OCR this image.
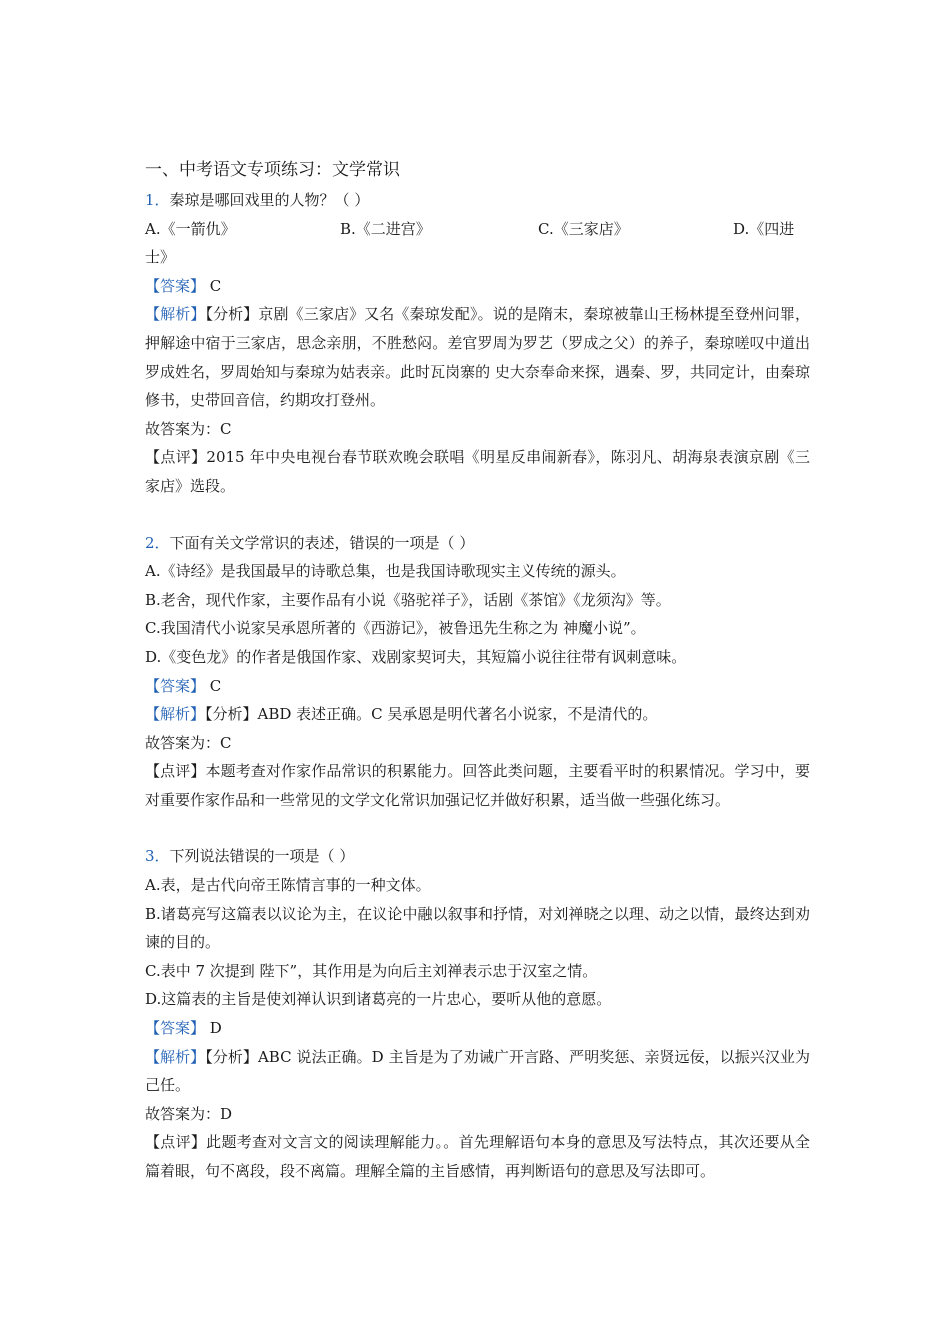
一、中考语文专项练习：文学常识
1．秦琼是哪回戏里的人物？（ ）
A.《一箭仇》	B.《二进宫》	C.《三家店》	D.《四进
士》
【答案】 C
【解析】【分析】京剧《三家店》又名《秦琼发配》。说的是隋末，秦琼被靠山王杨林提至登州问罪，押解途中宿于三家店，思念亲朋，不胜愁闷。差官罗周为罗艺（罗成之父）的养子，秦琼嗟叹中道出罗成姓名，罗周始知与秦琼为姑表亲。此时瓦岗寨的 史大奈奉命来探，遇秦、罗，共同定计，由秦琼修书，史带回音信，约期攻打登州。
故答案为：C
【点评】2015 年中央电视台春节联欢晚会联唱《明星反串闹新春》，陈羽凡、胡海泉表演京剧《三家店》选段。
2．下面有关文学常识的表述，错误的一项是（ ）
A.《诗经》是我国最早的诗歌总集，也是我国诗歌现实主义传统的源头。
B.老舍，现代作家，主要作品有小说《骆驼祥子》，话剧《茶馆》《龙须沟》等。
C.我国清代小说家吴承恩所著的《西游记》，被鲁迅先生称之为 神魔小说”。
D.《变色龙》的作者是俄国作家、戏剧家契诃夫，其短篇小说往往带有讽刺意味。
【答案】 C
【解析】【分析】ABD 表述正确。C 吴承恩是明代著名小说家，不是清代的。
故答案为：C
【点评】本题考查对作家作品常识的积累能力。回答此类问题，主要看平时的积累情况。学习中，要对重要作家作品和一些常见的文学文化常识加强记忆并做好积累，适当做一些强化练习。
3．下列说法错误的一项是（ ）
A.表，是古代向帝王陈情言事的一种文体。
B.诸葛亮写这篇表以议论为主，在议论中融以叙事和抒情，对刘禅晓之以理、动之以情，最终达到劝谏的目的。
C.表中 7 次提到 陛下”，其作用是为向后主刘禅表示忠于汉室之情。
D.这篇表的主旨是使刘禅认识到诸葛亮的一片忠心，要听从他的意愿。
【答案】 D
【解析】【分析】ABC 说法正确。D 主旨是为了劝诫广开言路、严明奖惩、亲贤远佞，以振兴汉业为己任。
故答案为：D
【点评】此题考查对文言文的阅读理解能力。。首先理解语句本身的意思及写法特点，其次还要从全篇着眼，句不离段，段不离篇。理解全篇的主旨感情，再判断语句的意思及写法即可。
